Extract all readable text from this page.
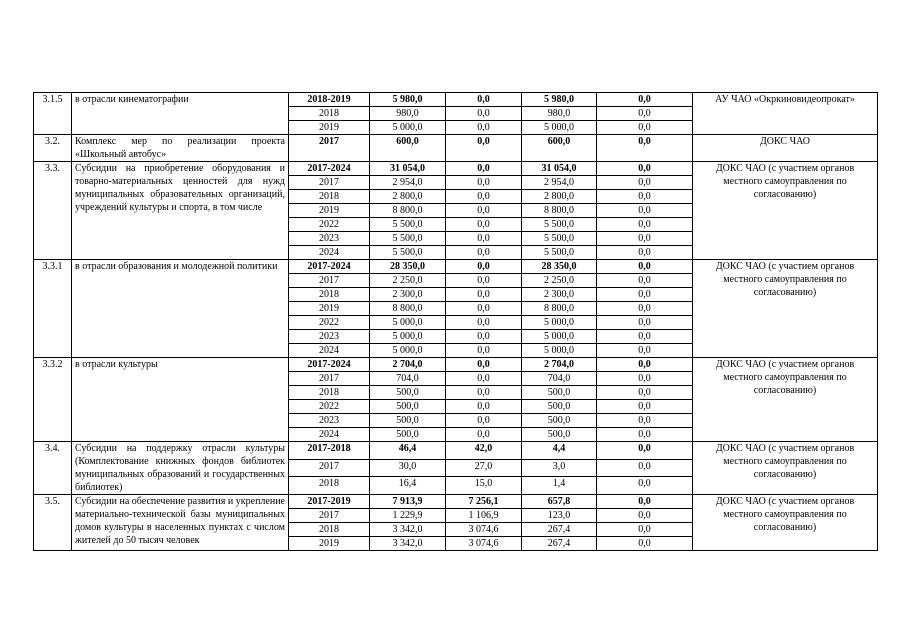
3.1.5	в отрасли кинематографии	2018-2019	5 980,0	0,0	5 980,0	0,0	АУ ЧАО «Окркиновидеопрокат»
		2018	980,0	0,0	980,0	0,0	
		2019	5 000,0	0,0	5 000,0	0,0	
3.2.	Комплекс мер по реализации проекта «Школьный автобус»	2017	600,0	0,0	600,0	0,0	ДОКС ЧАО
3.3.	Субсидии на приобретение оборудования и товарно-материальных ценностей для нужд муниципальных образовательных организаций, учреждений культуры и спорта, в том числе	2017-2024	31 054,0	0,0	31 054,0	0,0	ДОКС ЧАО (с участием органов местного самоуправления по согласованию)
		2017	2 954,0	0,0	2 954,0	0,0	
		2018	2 800,0	0,0	2 800,0	0,0	
		2019	8 800,0	0,0	8 800,0	0,0	
		2022	5 500,0	0,0	5 500,0	0,0	
		2023	5 500,0	0,0	5 500,0	0,0	
		2024	5 500,0	0,0	5 500,0	0,0	
3.3.1	в отрасли образования и молодежной политики	2017-2024	28 350,0	0,0	28 350,0	0,0	ДОКС ЧАО (с участием органов местного самоуправления по согласованию)
		2017	2 250,0	0,0	2 250,0	0,0	
		2018	2 300,0	0,0	2 300,0	0,0	
		2019	8 800,0	0,0	8 800,0	0,0	
		2022	5 000,0	0,0	5 000,0	0,0	
		2023	5 000,0	0,0	5 000,0	0,0	
		2024	5 000,0	0,0	5 000,0	0,0	
3.3.2	в отрасли культуры	2017-2024	2 704,0	0,0	2 704,0	0,0	ДОКС ЧАО (с участием органов местного самоуправления по согласованию)
		2017	704,0	0,0	704,0	0,0	
		2018	500,0	0,0	500,0	0,0	
		2022	500,0	0,0	500,0	0,0	
		2023	500,0	0,0	500,0	0,0	
		2024	500,0	0,0	500,0	0,0	
3.4.	Субсидии на поддержку отрасли культуры (Комплектование книжных фондов библиотек муниципальных образований и государственных библиотек)	2017-2018	46,4	42,0	4,4	0,0	ДОКС ЧАО (с участием органов местного самоуправления по согласованию)
		2017	30,0	27,0	3,0	0,0	
		2018	16,4	15,0	1,4	0,0	
3.5.	Субсидии на обеспечение развития и укрепление материально-технической базы муниципальных домов культуры в населенных пунктах с числом жителей до 50 тысяч человек	2017-2019	7 913,9	7 256,1	657,8	0,0	ДОКС ЧАО (с участием органов местного самоуправления по согласованию)
		2017	1 229,9	1 106,9	123,0	0,0	
		2018	3 342,0	3 074,6	267,4	0,0	
		2019	3 342,0	3 074,6	267,4	0,0	
